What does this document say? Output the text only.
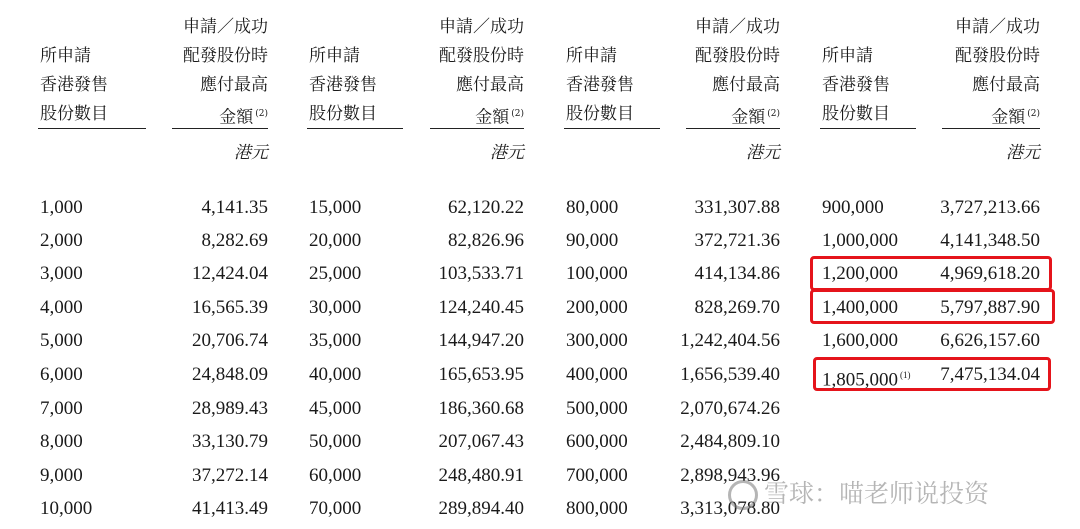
所申請
香港發售
股份數目
申請／成功
配發股份時
應付最高
金額 $^{(2)}$
港元
1,000	4,141.35
2,000	8,282.69
3,000	12,424.04
4,000	16,565.39
5,000	20,706.74
6,000	24,848.09
7,000	28,989.43
8,000	33,130.79
9,000	37,272.14
10,000	41,413.49
所申請
香港發售
股份數目
申請／成功
配發股份時
應付最高
金額 $^{(2)}$
港元
15,000	62,120.22
20,000	82,826.96
25,000	103,533.71
30,000	124,240.45
35,000	144,947.20
40,000	165,653.95
45,000	186,360.68
50,000	207,067.43
60,000	248,480.91
70,000	289,894.40
所申請
香港發售
股份數目
申請／成功
配發股份時
應付最高
金額 $^{(2)}$
港元
80,000	331,307.88
90,000	372,721.36
100,000	414,134.86
200,000	828,269.70
300,000	1,242,404.56
400,000	1,656,539.40
500,000	2,070,674.26
600,000	2,484,809.10
700,000	2,898,943.96
800,000	3,313,078.80
所申請
香港發售
股份數目
申請／成功
配發股份時
應付最高
金額 $^{(2)}$
港元
900,000	3,727,213.66
1,000,000	4,141,348.50
1,200,000	4,969,618.20
1,400,000	5,797,887.90
1,600,000	6,626,157.60
1,805,000 $^{(1)}$	7,475,134.04
雪球：喵老师说投资
